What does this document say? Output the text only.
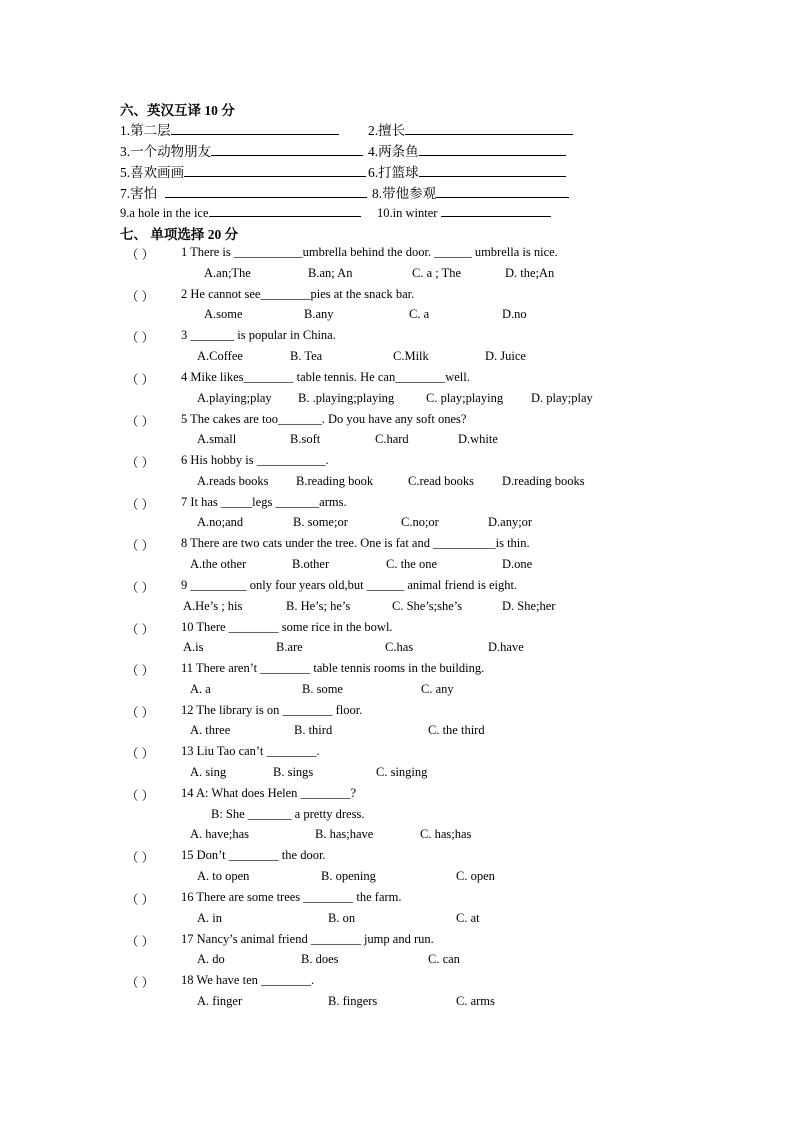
六、英汉互译 10 分
1.第二层	2.擅长
3.一个动物朋友	4.两条鱼
5.喜欢画画	6.打篮球
7.害怕	8.带他参观
9.a hole in the ice	10.in winter
七、 单项选择 20 分
（ ） 1 There is ___________umbrella behind the door. ______ umbrella is nice.
A.an;The	B.an; An	C. a ; The	D. the;An
（ ） 2 He cannot see________pies at the snack bar.
A.some	B.any	C. a	D.no
（ ） 3 _______ is popular in China.
A.Coffee	B. Tea	C.Milk	D. Juice
（ ） 4 Mike likes________ table tennis. He can________well.
A.playing;play B. .playing;playing	C. play;playing D. play;play
（ ） 5 The cakes are too_______. Do you have any soft ones?
A.small	B.soft	C.hard	D.white
（ ） 6 His hobby is ___________.
A.reads books B.reading book	C.read books D.reading books
（ ） 7 It has _____legs _______arms.
A.no;and	B. some;or	C.no;or	D.any;or
（ ） 8 There are two cats under the tree. One is fat and __________is thin.
A.the other	B.other	C. the one	D.one
（ ） 9 _________ only four years old,but ______ animal friend is eight.
A.He’s ; his	B. He’s; he’s	C. She’s;she’s	D. She;her
（ ） 10 There ________ some rice in the bowl.
A.is	B.are	C.has	D.have
（ ） 11 There aren’t ________ table tennis rooms in the building.
A. a	B. some	C. any
（ ） 12 The library is on ________ floor.
A. three	B. third	C. the third
（ ） 13 Liu Tao can’t ________.
A. sing	B. sings	C. singing
（ ） 14 A: What does Helen ________?
B: She _______ a pretty dress.
A. have;has	B. has;have	C. has;has
（ ） 15 Don’t ________ the door.
A. to open	B. opening	C. open
（ ） 16 There are some trees ________ the farm.
A. in	B. on	C. at
（ ） 17 Nancy’s animal friend ________ jump and run.
A. do	B. does	C. can
（ ） 18 We have ten ________.
A. finger	B. fingers	C. arms
